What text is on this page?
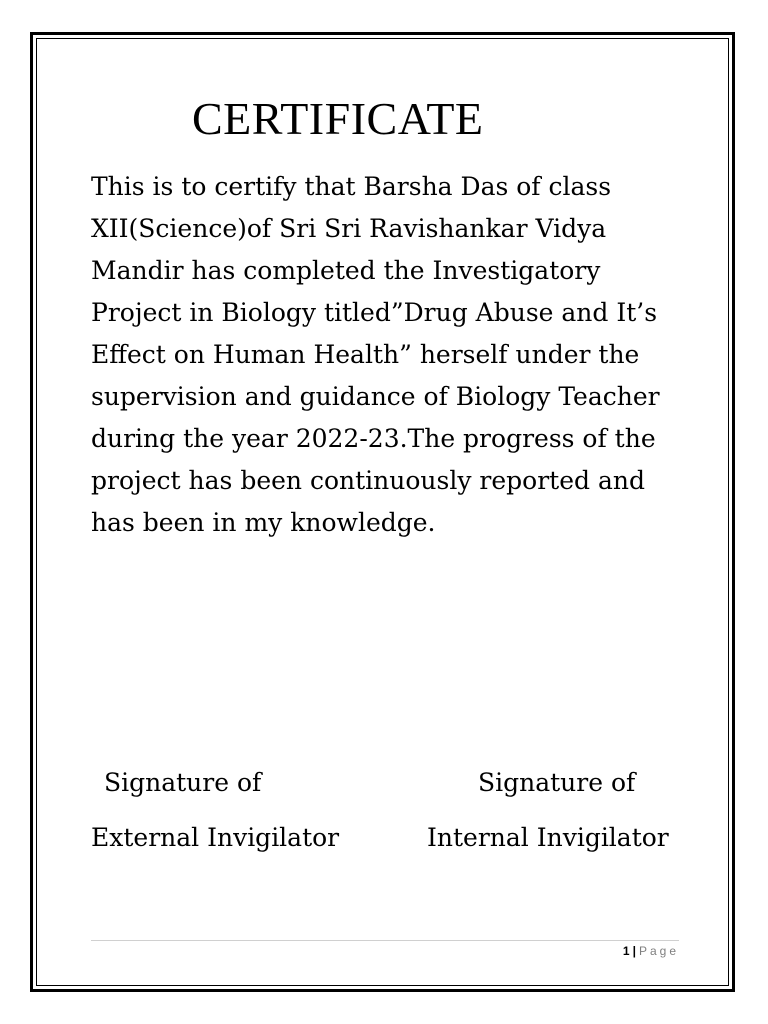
CERTIFICATE
This is to certify that Barsha Das of class
XII(Science)of Sri Sri Ravishankar Vidya
Mandir has completed the Investigatory
Project in Biology titled”Drug Abuse and It’s
Effect on Human Health” herself under the
supervision and guidance of Biology Teacher
during the year 2022-23.The progress of the
project has been continuously reported and
has been in my knowledge.
Signature of
External Invigilator
Signature of
Internal Invigilator
1 | Page
